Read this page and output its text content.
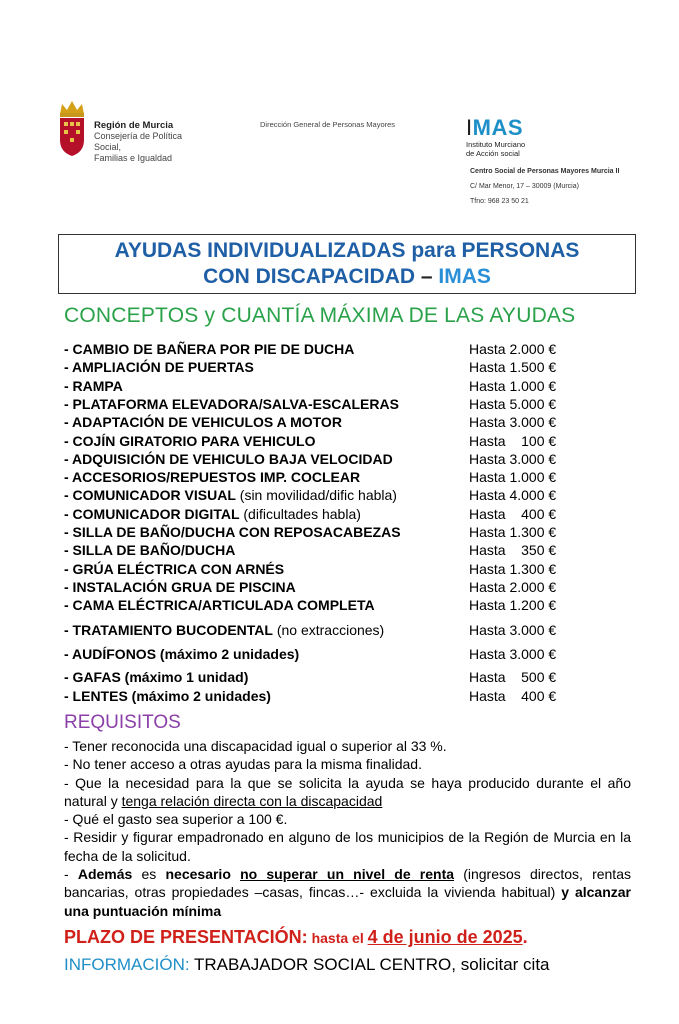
Región de Murcia
Consejería de Política Social,
Familias e Igualdad
Dirección General de Personas Mayores	IMAS
Instituto Murciano
de Acción social
Centro Social de Personas Mayores Murcia II
C/ Mar Menor, 17 – 30009 (Murcia)
Tfno: 968 23 50 21
AYUDAS INDIVIDUALIZADAS para PERSONAS
CON DISCAPACIDAD – IMAS
CONCEPTOS y CUANTÍA MÁXIMA DE LAS AYUDAS
- CAMBIO DE BAÑERA POR PIE DE DUCHA	Hasta 2.000 €
- AMPLIACIÓN DE PUERTAS	Hasta 1.500 €
- RAMPA	Hasta 1.000 €
- PLATAFORMA ELEVADORA/SALVA-ESCALERAS	Hasta 5.000 €
- ADAPTACIÓN DE VEHICULOS A MOTOR	Hasta 3.000 €
- COJÍN GIRATORIO PARA VEHICULO	Hasta    100 €
- ADQUISICIÓN DE VEHICULO BAJA VELOCIDAD	Hasta 3.000 €
- ACCESORIOS/REPUESTOS IMP. COCLEAR	Hasta 1.000 €
- COMUNICADOR VISUAL (sin movilidad/dific habla)	Hasta 4.000 €
- COMUNICADOR DIGITAL (dificultades habla)	Hasta    400 €
- SILLA DE BAÑO/DUCHA CON REPOSACABEZAS	Hasta 1.300 €
- SILLA DE BAÑO/DUCHA	Hasta    350 €
- GRÚA ELÉCTRICA CON ARNÉS	Hasta 1.300 €
- INSTALACIÓN GRUA DE PISCINA	Hasta 2.000 €
- CAMA ELÉCTRICA/ARTICULADA COMPLETA	Hasta 1.200 €
- TRATAMIENTO BUCODENTAL (no extracciones)	Hasta 3.000 €
- AUDÍFONOS (máximo 2 unidades)	Hasta 3.000 €
- GAFAS (máximo 1 unidad)	Hasta    500 €
- LENTES (máximo 2 unidades)	Hasta    400 €
REQUISITOS

- Tener reconocida una discapacidad igual o superior al 33 %.

- No tener acceso a otras ayudas para la misma finalidad.

- Que la necesidad para la que se solicita la ayuda se haya producido durante el año natural y tenga relación directa con la discapacidad

- Qué el gasto sea superior a 100 €.

- Residir y figurar empadronado en alguno de los municipios de la Región de Murcia en la fecha de la solicitud.

- Además es necesario no superar un nivel de renta (ingresos directos, rentas bancarias, otras propiedades –casas, fincas…- excluida la vivienda habitual) y alcanzar una puntuación mínima

PLAZO DE PRESENTACIÓN: hasta el 4 de junio de 2025.
INFORMACIÓN: TRABAJADOR SOCIAL CENTRO, solicitar cita
